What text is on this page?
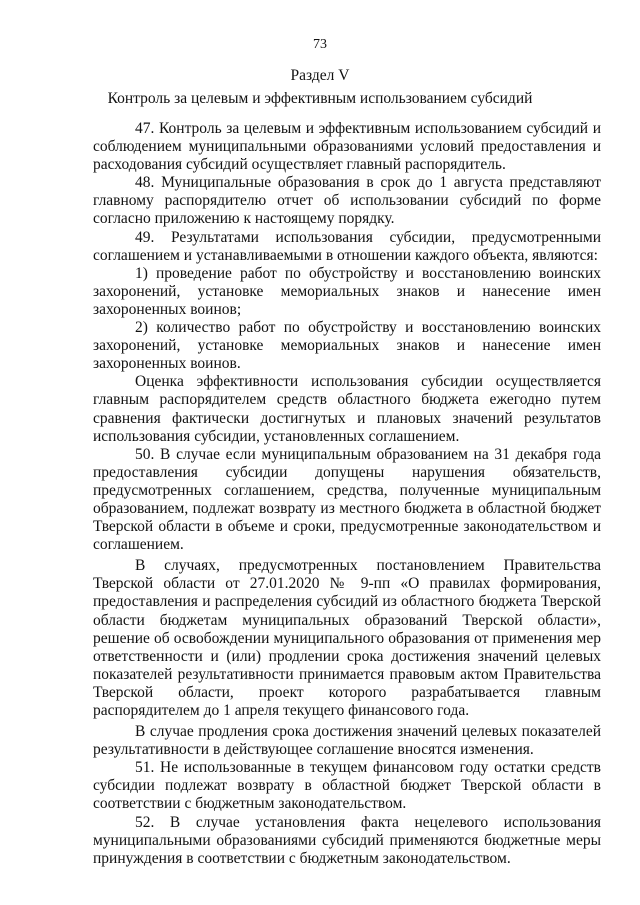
73
Раздел V
Контроль за целевым и эффективным использованием субсидий

47. Контроль за целевым и эффективным использованием субсидий и соблюдением муниципальными образованиями условий предоставления и расходования субсидий осуществляет главный распорядитель.

48. Муниципальные образования в срок до 1 августа представляют главному распорядителю отчет об использовании субсидий по форме согласно приложению к настоящему порядку.

49. Результатами использования субсидии, предусмотренными соглашением и устанавливаемыми в отношении каждого объекта, являются:

1) проведение работ по обустройству и восстановлению воинских захоронений, установке мемориальных знаков и нанесение имен захороненных воинов;

2) количество работ по обустройству и восстановлению воинских захоронений, установке мемориальных знаков и нанесение имен захороненных воинов.

Оценка эффективности использования субсидии осуществляется главным распорядителем средств областного бюджета ежегодно путем сравнения фактически достигнутых и плановых значений результатов использования субсидии, установленных соглашением.

50. В случае если муниципальным образованием на 31 декабря года предоставления субсидии допущены нарушения обязательств, предусмотренных соглашением, средства, полученные муниципальным образованием, подлежат возврату из местного бюджета в областной бюджет Тверской области в объеме и сроки, предусмотренные законодательством и соглашением.

В случаях, предусмотренных постановлением Правительства Тверской области от 27.01.2020 № 9-пп «О правилах формирования, предоставления и распределения субсидий из областного бюджета Тверской области бюджетам муниципальных образований Тверской области», решение об освобождении муниципального образования от применения мер ответственности и (или) продлении срока достижения значений целевых показателей результативности принимается правовым актом Правительства Тверской области, проект которого разрабатывается главным распорядителем до 1 апреля текущего финансового года.

В случае продления срока достижения значений целевых показателей результативности в действующее соглашение вносятся изменения.

51. Не использованные в текущем финансовом году остатки средств субсидии подлежат возврату в областной бюджет Тверской области в соответствии с бюджетным законодательством.

52. В случае установления факта нецелевого использования муниципальными образованиями субсидий применяются бюджетные меры принуждения в соответствии с бюджетным законодательством.
